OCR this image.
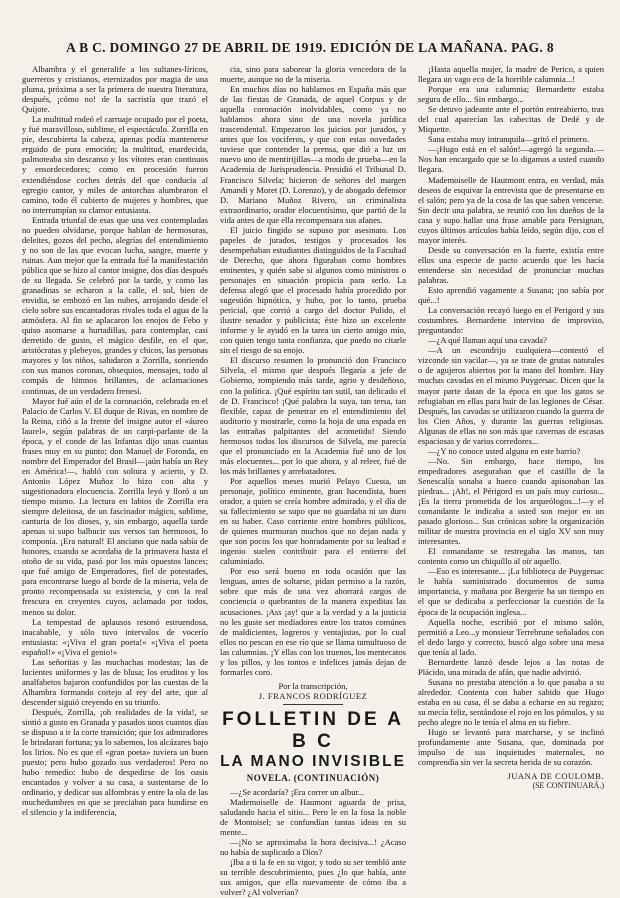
A B C. DOMINGO 27 DE ABRIL DE 1919. EDICIÓN DE LA MAÑANA. PAG. 8

Albambra y el generalife a los sultanes-líricos, guerreros y cristianos, eternizados por magia de una pluma, próxima a ser la primera de nuestra literatura, después, ¡cómo no! de la sacristía que trazó el Quijote.

La multitud rodeó el carruaje ocupado por el poeta, y fué maravilloso, sublime, el espectáculo. Zorrilla en pie, descubierta la cabeza, apenas podía mantenerse erguido de pura emoción; la multitud, enardecida, palmoteaba sin descanso y los vítores eran continuos y ensordecedores; como en procesión fueron extendiéndose coches detrás del que conducía al egregio cantor, y miles de antorchas alumbraron el camino, todo él cubierto de mujeres y hombres, que no interrumpían su clamor entusiasta.

Entrada triunfal de esas que una vez contempladas no pueden olvidarse, porque hablan de hermosuras, deleites, gozos del pecho, alegrías del entendimiento y no son de las que evocan lucha, sangre, muerte y ruinas. Aun mejor que la entrada fué la manifestación pública que se hizo al cantor insigne, dos días después de su llegada. Se celebró por la tarde, y como las granadinas se echaron a la calle, el sol, bien de envidia, se embozó en las nubes, arrojando desde el cielo sobre sus encantadoras rivales toda el agua de la atmósfera. Al fin se aplacaron los enojos de Febo y quiso asomarse a hurtadillas, para contemplar, casi derretido de gusto, el mágico desfile, en el que, aristócratas y plebeyos, grandes y chicos, las personas mayores y los niños, saludaron a Zorrilla, sonriendo con sus manos coronas, obsequios, mensajes, todo al compás de himnos brillantes, de aclamaciones continuas, de un verdadero frenesí.

Mayor fué aún el de la coronación, celebrada en el Palacio de Carlos V. El duque de Rivas, en nombre de la Reina, ciñó a la frente del insigne autor el «áureo laurel», según palabras de un carpi-parlante de la época, y el conde de las Infantas dijo unas cuantas frases muy en su punto; don Manuel de Foronda, en nombre del Emperador del Brasil—¡aún había un Rey en América!—, habló con soltura y acierto, y D. Antonio López Muñoz lo hizo con alta y sugestionadora elocuencia. Zorrilla leyó y lloró a un tiempo mismo. La lectura en labios de Zorrilla era siempre deleitosa, de un fascinador mágico, sublime, canturia de los dioses, y, sin embargo, aquella tarde apenas si supo balbucir sus versos tan hermosos, lo componía. ¡Era natural! El anciano que nada sabía de honores, cuando se acordaba de la primavera hasta el otoño de su vida, pasó por los más opuestos lances; que fué amigo de Emperadores, fiel de potestades, para encontrarse luego al borde de la miseria, vela de pronto recompensada su existencia, y con la real frescura en creyentes cuyos, aclamado por todos, menos su dolor.

La tempestad de aplausos resonó estruendosa, inacabable, y sólo tuvo intervalos de vocerío entusiasta: «¡Viva el gran poeta!» «¡Viva el poeta español!» «¡Viva el genio!»

Las señoritas y las muchachas modestas; las de lucientes uniformes y las de blusa; los eruditos y los analfabetos bajaron confundidos por las cuestas de la Alhambra formando cortejo al rey del arte, que al descender siguió creyendo en su triunfo.

Después, Zorrilla, ¡oh realidades de la vida!, se sintió a gusto en Granada y pasados unos cuantos días se dispuso a ir la corte transición; que los admiradores le brindaran fortuna; ya lo sabemos, los alcázares bajo los lirios. No es que el «gran poeta» tuviera un buen puesto; pero hubo gozado sus verdaderos! Pero no hubo remedio: hubo de despedirse de los oasis encantados y volver a su casa, a sustentarse de lo ordinario, y dedicar sus alfombras y entre la ola de las muchedumbres en que se preciaban para hundirse en el silencio y la indiferencia,

cia, sino para saborear la gloria vencedora de la muerte, aunque no de la miseria.

En muchos días no hablamos en España más que de las fiestas de Granada, de aquel Corpus y de aquella coronación inolvidables, como ya no hablamos ahora sino de una novela jurídica trascendental. Empezaron los juicios por jurados, y antes que los vociferos, y que con estas novedades tuviese que contender la prensa, que dió a luz un nuevo uno de mentirijillas—a modo de prueba—en la Academia de Jurisprudencia. Presidió el Tribunal D. Francisco Silvela; hicieron de señores del margen Amandi y Moret (D. Lorenzo), y de abogado defensor D. Mariano Muñoz Rivero, un criminalista extraordinario, orador elocuentísimo, que partió de la vida antes de que ella recompensara sus afanes.

El juicio fingido se supuso por asesinato. Los papeles de jurados, testigos y procesados los desempeñaban estudiantes distinguidos de la Facultad de Derecho, que ahora figuraban como hombres eminentes, y quién sabe si algunos como ministros o personajes en situación propicia para serlo. La defensa alegó que el procesado había procedido por sugestión hipnótica, y hubo, por lo tanto, prueba pericial, que corrió a cargo del doctor Pulido, el ilustre senador y publicista; éste hizo un excelente informe y le ayudó en la tarea un cierto amigo mío, con quien tengo tanta confianza, que puedo no citarle sin el riesgo de su enojo.

El discurso resumen lo pronunció don Francisco Silvela, el mismo que después llegaría a jefe de Gobierno, rompiendo más tarde, agrio y desdeñoso, con la política. ¡Qué espíritu tan sutil, tan delicado el de D. Francisco! ¡Qué palabra la suya, tan tersa, tan flexible, capaz de penetrar en el entendimiento del auditorio y mostrarle, como la hoja de una espada en las entrañas palpitantes del acometido! Siendo hermosos todos los discursos de Silvela, me parecía que el pronunciado en la Academia fué uno de los más elocuentes... por lo que ahora, y al releer, fué de los más brillantes y arrebatadores.

Por aquellos meses murió Pelayo Cuesta, un personaje, político eminente, gran hacendista, buen orador, a quien se creía hombre admirado, y el día de su fallecimiento se supo que no guardaba ni un duro en su haber. Caso corriente entre hombres públicos, de quienes murmuran muchos que no dejan nada y que son pocos los que honradamente por su lealtad e ingenio suelen contribuir para el entierro del caluminiado.

Por eso será bueno en toda ocasión que las lenguas, antes de soltarse, pidan permiso a la razón, sobre que más de una vez ahorrará cargos de conciencia o quebrantos de la manera expeditas las acusaciones. ¡Ass ¡ay! que a la verdad y a la justicia no les guste ser mediadores entre los tratos comúnes de maldicientes, logreros y ventajistas, por lo cual ellos no pescan en ese río que se llama tumultuoso de las calumnias. ¡Y ellas con los truenos, los mentecatos y los pillos, y los tontos e infelices jamás dejan de formarles coro.

Por la transcripción,

J. FRANCOS RODRÍGUEZ

FOLLETIN DE A B C
LA MANO INVISIBLE
NOVELA. (CONTINUACIÓN)

—¿Se acordaría? ¡Era correr un albur...

Mademoiselle de Haumont aguarda de prisa, saludando hacia el sitio... Pero le en la fosa la noble de Montoisel; se confundían tantas ideas en su mente...

—¡No se aproximaba la hora decisiva...! ¿Acaso no había de suplicado a Dios?

¡Iba a ti la fe en su vigor, y todo su ser tembló ante su terrible descubrimiento, pues ¿lo que había, ante sus amigos, que ella nuevamente de cómo iba a volver? ¿Al volverían?

¡Hasta aquella mujer, la madre de Perico, a quien llegara un vago eco de la horrible calumnia...!

Porque era una calumnia; Bernardette estaba segura de ello... Sin embargo...

Se detuvo jadeante ante el portón entreabierto, tras del cual aparecían las cabecitas de Dedé y de Miquette.

Sana estaba muy intranquila—gritó el primero.

—¡Hugo está en el salón!—agregó la segunda.— Nos han encargado que se lo digamos a usted cuando llegara.

Mademoiselle de Hautmont entra, en verdad, más deseos de esquivar la entrevista que de presentarse en el salón; pero ya de la cosa de las que saben vencerse. Sin decir una palabra, se reunió con los dueños de la casa y supo hallar una frase amable para Persignan, cuyos últimos artículos había leído, según dijo, con el mayor interés.

Desde su conversación en la fuerte, existía entre ellos una especie de pacto acuerdo que les hacía entenderse sin necesidad de pronunciar muchas palabras.

Esto aprendió vagamente a Susana; ¡no sabía por qué...!

La conversación recayó luego en el Perigord y sus costumbres. Bernardette intervino de improviso, preguntando:

—¿A qué llaman aquí una cavada?

—A un escondrijo cualquiera—contestó el vizconde sin vacilar—, ya se trate de grutas naturales o de agujeros abiertos por la mano del hombre. Hay muchas cavadas en el mismo Puygersac. Dicen que la mayor parte datan de la época en que los gatos se refugiaban en ellas para huir de las legiones de César. Después, las cavadas se utilizaron cuando la guerra de los Cien Años, y durante las guerras religiosas. Algunas de ellas no son más que cavernas de escasas espaciosas y de varios corredores...

—¿Y no conoce usted alguna en este barrio?

—No. Sin embargo, hace tiempo, los empedradores aseguraban que el castillo de la Senescalía sonaba a hueco cuando apisonaban las piedras... ¡Ah!, el Périgord es un país muy curioso... ¡Es la tierra prometida de los arqueólogos...!—y el comandante le indicaba a usted son mejor en un pasado glorioso... Sus crónicas sobre la organización militar de nuestra provincia en el siglo XV son muy interesantes.

El comandante se restregaba las manos, tan contento como un chiquillo al oír aquello.

—Eso es interesante... ¡La biblioteca de Puygersac le había suministrado documentos de suma importancia, y mañana por Bergerie ha un tiempo en el que se dedicaba a perfeccionar la cuestión de la época de la ocupación inglesa...

Aquella noche, escribió por el mismo salón, permitió a Leo...y monsieur Terrebrune señalados con el dedo largo y correcto, buscó algo sobre una mesa que tenía al lado.

Bernardette lanzó desde lejos a las notas de Plácido, una mirada de afán, que nadie advirtió.

Susana no prestaba atención a lo que pasaba a su alrededor. Contenta con haber sabido que Hugo estaba en su casa, él se daba a echarse en su regazo; su mecía feliz, sentándose el rojo en los pómulos, y su pecho alegre no le tenía el alma en su fiebre.

Hugo se levantó para marcharse, y se inclinó profundamente ante Susana, que, dominada por impulso de sus inquietudes maternales, no comprendía sin ver la secreta herida de su corazón.

JUANA DE COULOMB.

(SE CONTINUARÁ.)
